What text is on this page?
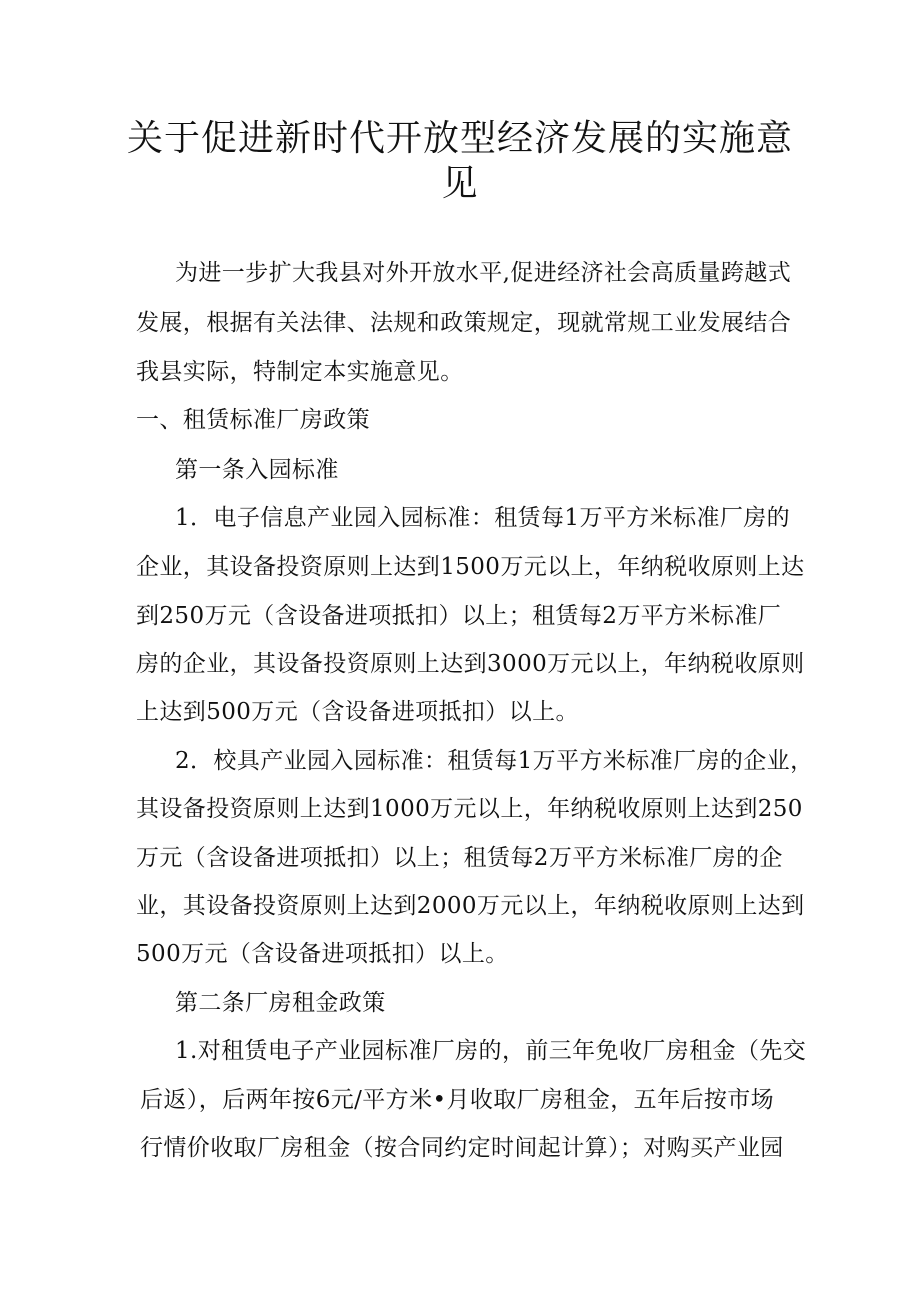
关于促进新时代开放型经济发展的实施意
见
为进一步扩大我县对外开放水平,促进经济社会高质量跨越式
发展，根据有关法律、法规和政策规定，现就常规工业发展结合
我县实际，特制定本实施意见。
一、租赁标准厂房政策
第一条入园标准
1．电子信息产业园入园标准：租赁每1万平方米标准厂房的
企业，其设备投资原则上达到1500万元以上，年纳税收原则上达
到250万元（含设备进项抵扣）以上；租赁每2万平方米标准厂
房的企业，其设备投资原则上达到3000万元以上，年纳税收原则
上达到500万元（含设备进项抵扣）以上。
2．校具产业园入园标准：租赁每1万平方米标准厂房的企业，
其设备投资原则上达到1000万元以上，年纳税收原则上达到250
万元（含设备进项抵扣）以上；租赁每2万平方米标准厂房的企
业，其设备投资原则上达到2000万元以上，年纳税收原则上达到
500万元（含设备进项抵扣）以上。
第二条厂房租金政策
1.对租赁电子产业园标准厂房的，前三年免收厂房租金（先交
后返），后两年按6元/平方米•月收取厂房租金，五年后按市场
行情价收取厂房租金（按合同约定时间起计算）；对购买产业园
